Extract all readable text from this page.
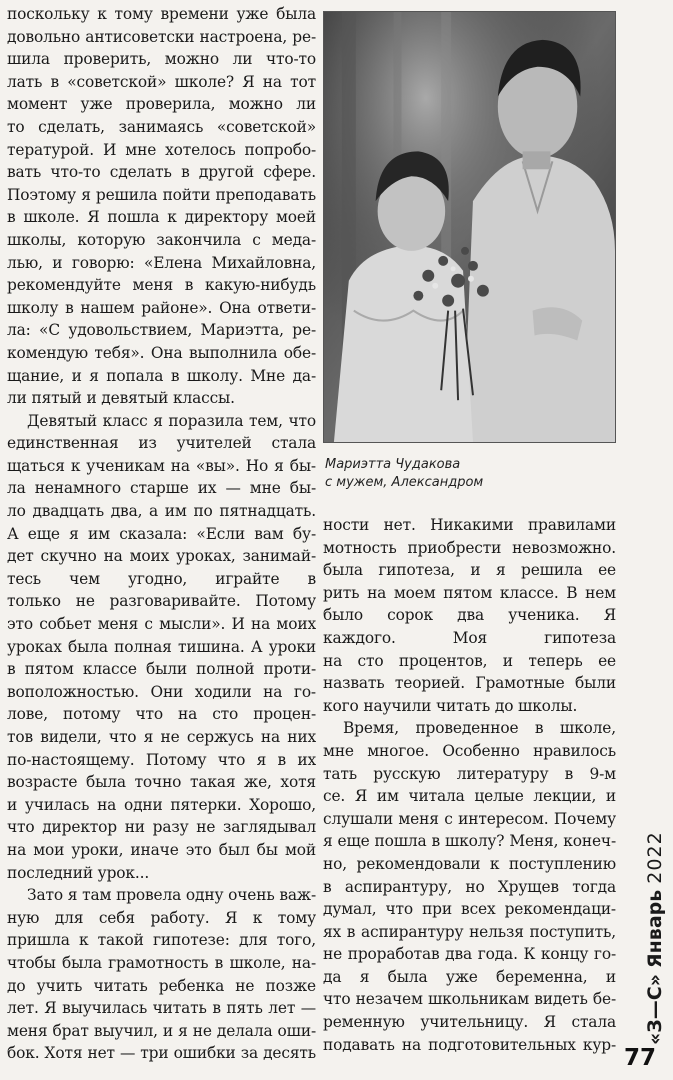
поскольку к тому времени уже была
довольно антисоветски настроена, ре-
шила проверить, можно ли что-то
лать в «советской» школе? Я на тот
момент уже проверила, можно ли
то сделать, занимаясь «советской»
тературой. И мне хотелось попробо-
вать что-то сделать в другой сфере.
Поэтому я решила пойти преподавать
в школе. Я пошла к директору моей
школы, которую закончила с меда-
лью, и говорю: «Елена Михайловна,
рекомендуйте меня в какую-нибудь
школу в нашем районе». Она ответи-
ла: «С удовольствием, Мариэтта, ре-
комендую тебя». Она выполнила обе-
щание, и я попала в школу. Мне да-
ли пятый и девятый классы.
Девятый класс я поразила тем, что
единственная из учителей стала
щаться к ученикам на «вы». Но я бы-
ла ненамного старше их — мне бы-
ло двадцать два, а им по пятнадцать.
А еще я им сказала: «Если вам бу-
дет скучно на моих уроках, занимай-
тесь чем угодно, играйте в
только не разговаривайте. Потому
это собьет меня с мысли». И на моих
уроках была полная тишина. А уроки
в пятом классе были полной проти-
воположностью. Они ходили на го-
лове, потому что на сто процен-
тов видели, что я не сержусь на них
по-настоящему. Потому что я в их
возрасте была точно такая же, хотя
и училась на одни пятерки. Хорошо,
что директор ни разу не заглядывал
на мои уроки, иначе это был бы мой
последний урок...
Зато я там провела одну очень важ-
ную для себя работу. Я к тому
пришла к такой гипотезе: для того,
чтобы была грамотность в школе, на-
до учить читать ребенка не позже
лет. Я выучилась читать в пять лет —
меня брат выучил, и я не делала оши-
бок. Хотя нет — три ошибки за десять
Мариэтта Чудакова
с мужем, Александром
ности нет. Никакими правилами
мотность приобрести невозможно.
была гипотеза, и я решила ее
рить на моем пятом классе. В нем
было сорок два ученика. Я
каждого. Моя гипотеза
на сто процентов, и теперь ее
назвать теорией. Грамотные были
кого научили читать до школы.
Время, проведенное в школе,
мне многое. Особенно нравилось
тать русскую литературу в 9-м
се. Я им читала целые лекции, и
слушали меня с интересом. Почему
я еще пошла в школу? Меня, конеч-
но, рекомендовали к поступлению
в аспирантуру, но Хрущев тогда
думал, что при всех рекомендаци-
ях в аспирантуру нельзя поступить,
не проработав два года. К концу го-
да я была уже беременна, и
что незачем школьникам видеть бе-
ременную учительницу. Я стала
подавать на подготовительных кур- «З—С» Январь 2022
77
